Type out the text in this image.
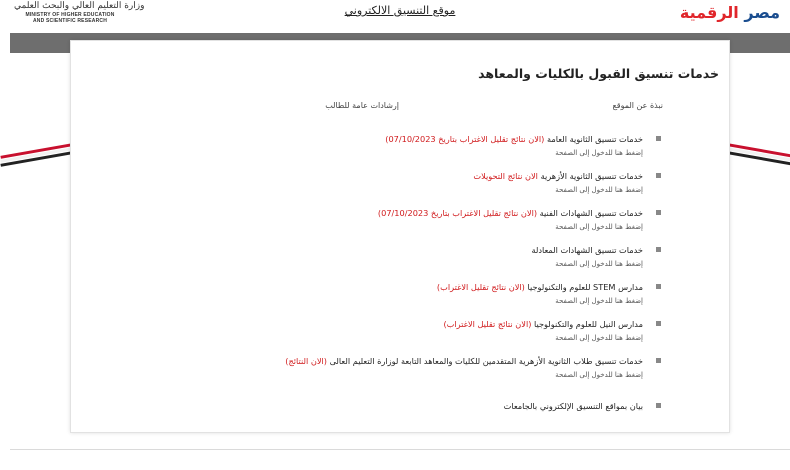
وزارة التعليم العالي والبحث العلمي
MINISTRY OF HIGHER EDUCATION
AND SCIENTIFIC RESEARCH
موقع التنسيق الالكتروني	مصر الرقمية
خدمات تنسيق القبول بالكليات والمعاهد
نبذة عن الموقع
إرشادات عامة للطالب
خدمات تنسيق الثانوية العامة (الان نتائج تقليل الاغتراب بتاريخ 07/10/2023)
إضغط هنا للدخول إلى الصفحة
خدمات تنسيق الثانوية الأزهرية الان نتائج التحويلات
إضغط هنا للدخول إلى الصفحة
خدمات تنسيق الشهادات الفنية (الان نتائج تقليل الاغتراب بتاريخ 07/10/2023)
إضغط هنا للدخول إلى الصفحة
خدمات تنسيق الشهادات المعادلة
إضغط هنا للدخول إلى الصفحة
مدارس STEM للعلوم والتكنولوجيا (الان نتائج تقليل الاغتراب)
إضغط هنا للدخول إلى الصفحة
مدارس النيل للعلوم والتكنولوجيا (الان نتائج تقليل الاغتراب)
إضغط هنا للدخول إلى الصفحة
خدمات تنسيق طلاب الثانوية الأزهرية المتقدمين للكليات والمعاهد التابعة لوزارة التعليم العالى (الان النتائج)
إضغط هنا للدخول إلى الصفحة
بيان بمواقع التنسيق الإلكتروني بالجامعات
